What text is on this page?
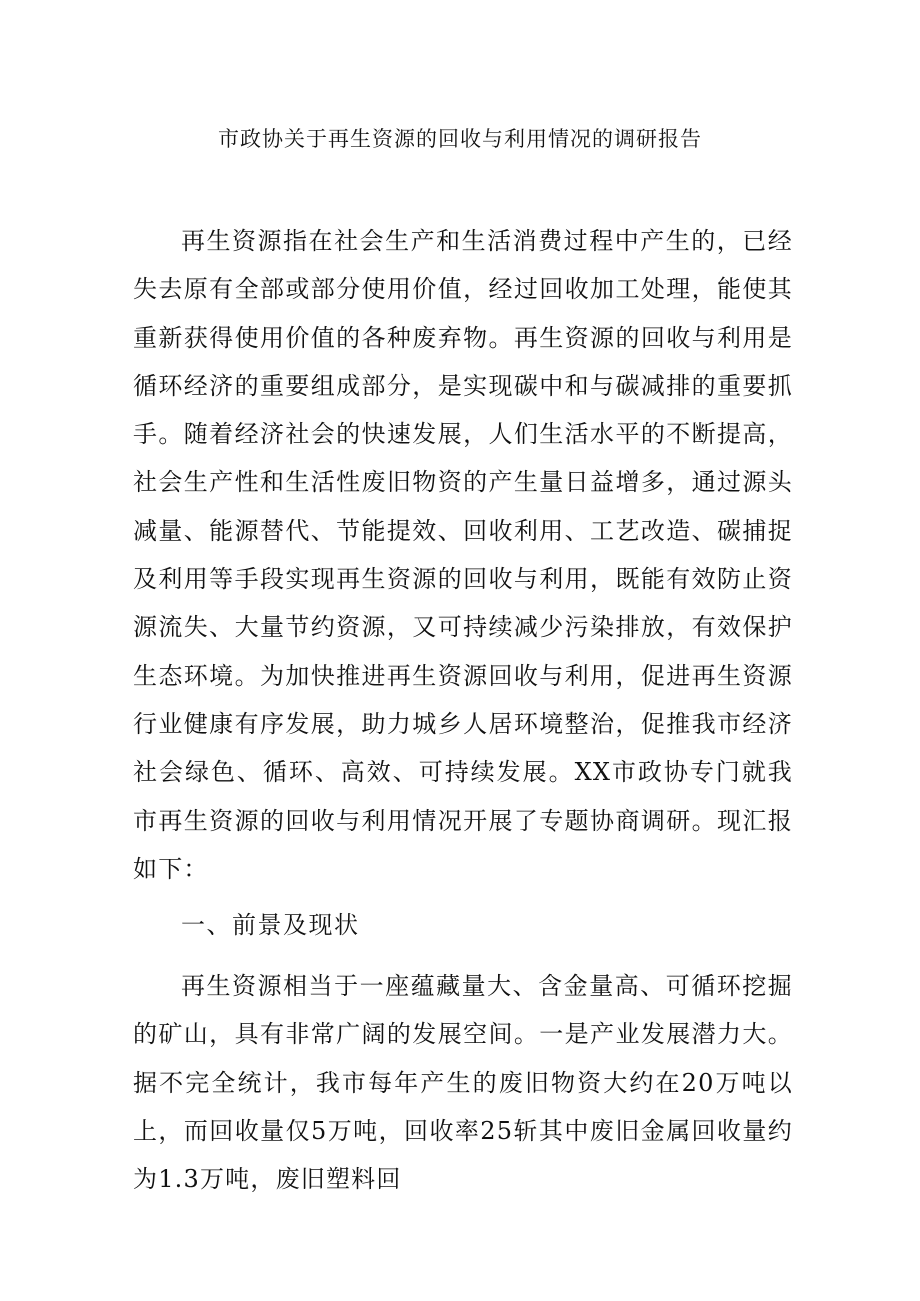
市政协关于再生资源的回收与利用情况的调研报告

再生资源指在社会生产和生活消费过程中产生的，已经失去原有全部或部分使用价值，经过回收加工处理，能使其重新获得使用价值的各种废弃物。再生资源的回收与利用是循环经济的重要组成部分，是实现碳中和与碳减排的重要抓手。随着经济社会的快速发展，人们生活水平的不断提高，社会生产性和生活性废旧物资的产生量日益增多，通过源头减量、能源替代、节能提效、回收利用、工艺改造、碳捕捉及利用等手段实现再生资源的回收与利用，既能有效防止资源流失、大量节约资源，又可持续减少污染排放，有效保护生态环境。为加快推进再生资源回收与利用，促进再生资源行业健康有序发展，助力城乡人居环境整治，促推我市经济社会绿色、循环、高效、可持续发展。XX市政协专门就我市再生资源的回收与利用情况开展了专题协商调研。现汇报如下：

一、前景及现状

再生资源相当于一座蕴藏量大、含金量高、可循环挖掘的矿山，具有非常广阔的发展空间。一是产业发展潜力大。据不完全统计，我市每年产生的废旧物资大约在20万吨以上，而回收量仅5万吨，回收率25斩其中废旧金属回收量约为1.3万吨，废旧塑料回
